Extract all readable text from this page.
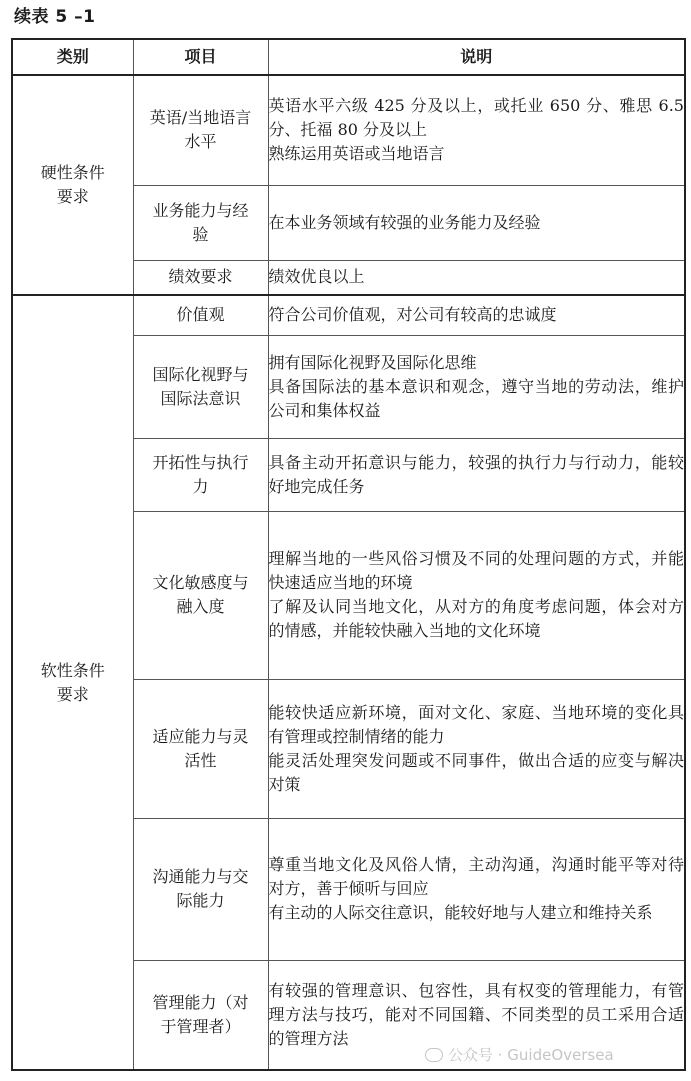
续表 5 –1
类别	项目	说明
硬性条件要求	英语/当地语言水平	英语水平六级 425 分及以上，或托业 650 分、雅思 6.5 分、托福 80 分及以上

熟练运用英语或当地语言

	业务能力与经验	在本业务领域有较强的业务能力及经验

	绩效要求	绩效优良以上

软性条件要求	价值观	符合公司价值观，对公司有较高的忠诚度

	国际化视野与国际法意识	拥有国际化视野及国际化思维

具备国际法的基本意识和观念，遵守当地的劳动法，维护公司和集体权益

	开拓性与执行力	具备主动开拓意识与能力，较强的执行力与行动力，能较好地完成任务

	文化敏感度与融入度	理解当地的一些风俗习惯及不同的处理问题的方式，并能快速适应当地的环境

了解及认同当地文化，从对方的角度考虑问题，体会对方的情感，并能较快融入当地的文化环境

	适应能力与灵活性	能较快适应新环境，面对文化、家庭、当地环境的变化具有管理或控制情绪的能力

能灵活处理突发问题或不同事件，做出合适的应变与解决对策

	沟通能力与交际能力	尊重当地文化及风俗人情，主动沟通，沟通时能平等对待对方，善于倾听与回应

有主动的人际交往意识，能较好地与人建立和维持关系

	管理能力（对于管理者）	有较强的管理意识、包容性，具有权变的管理能力，有管理方法与技巧，能对不同国籍、不同类型的员工采用合适的管理方法

公众号 · GuideOversea
